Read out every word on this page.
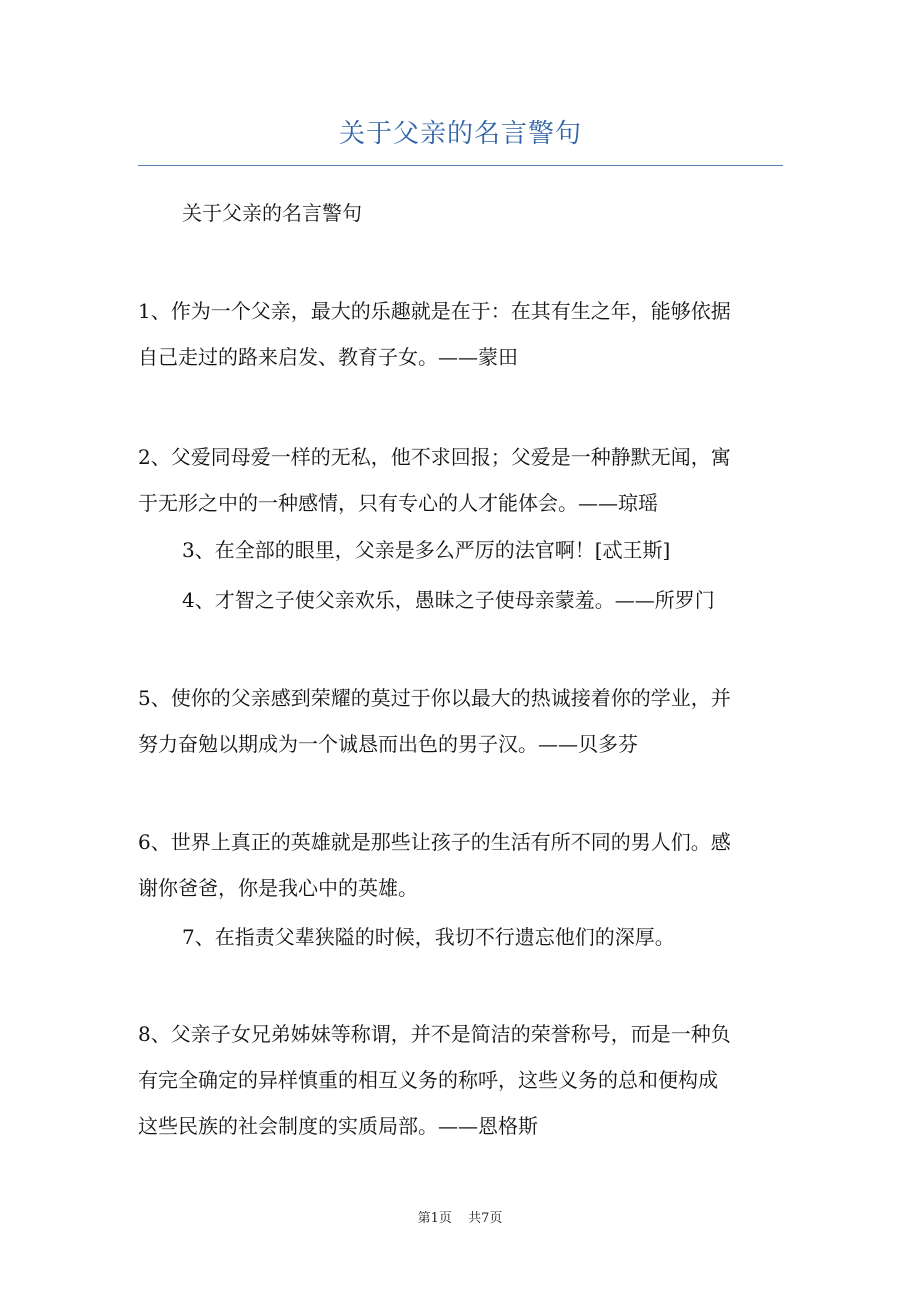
关于父亲的名言警句
关于父亲的名言警句
1、作为一个父亲，最大的乐趣就是在于：在其有生之年，能够依据
自己走过的路来启发、教育子女。——蒙田
2、父爱同母爱一样的无私，他不求回报；父爱是一种静默无闻，寓
于无形之中的一种感情，只有专心的人才能体会。——琼瑶
3、在全部的眼里，父亲是多么严厉的法官啊！[忒王斯]
4、才智之子使父亲欢乐，愚昧之子使母亲蒙羞。——所罗门
5、使你的父亲感到荣耀的莫过于你以最大的热诚接着你的学业，并
努力奋勉以期成为一个诚恳而出色的男子汉。——贝多芬
6、世界上真正的英雄就是那些让孩子的生活有所不同的男人们。感
谢你爸爸，你是我心中的英雄。
7、在指责父辈狭隘的时候，我切不行遗忘他们的深厚。
8、父亲子女兄弟姊妹等称谓，并不是简洁的荣誉称号，而是一种负
有完全确定的异样慎重的相互义务的称呼，这些义务的总和便构成
这些民族的社会制度的实质局部。——恩格斯
第1页 共7页
